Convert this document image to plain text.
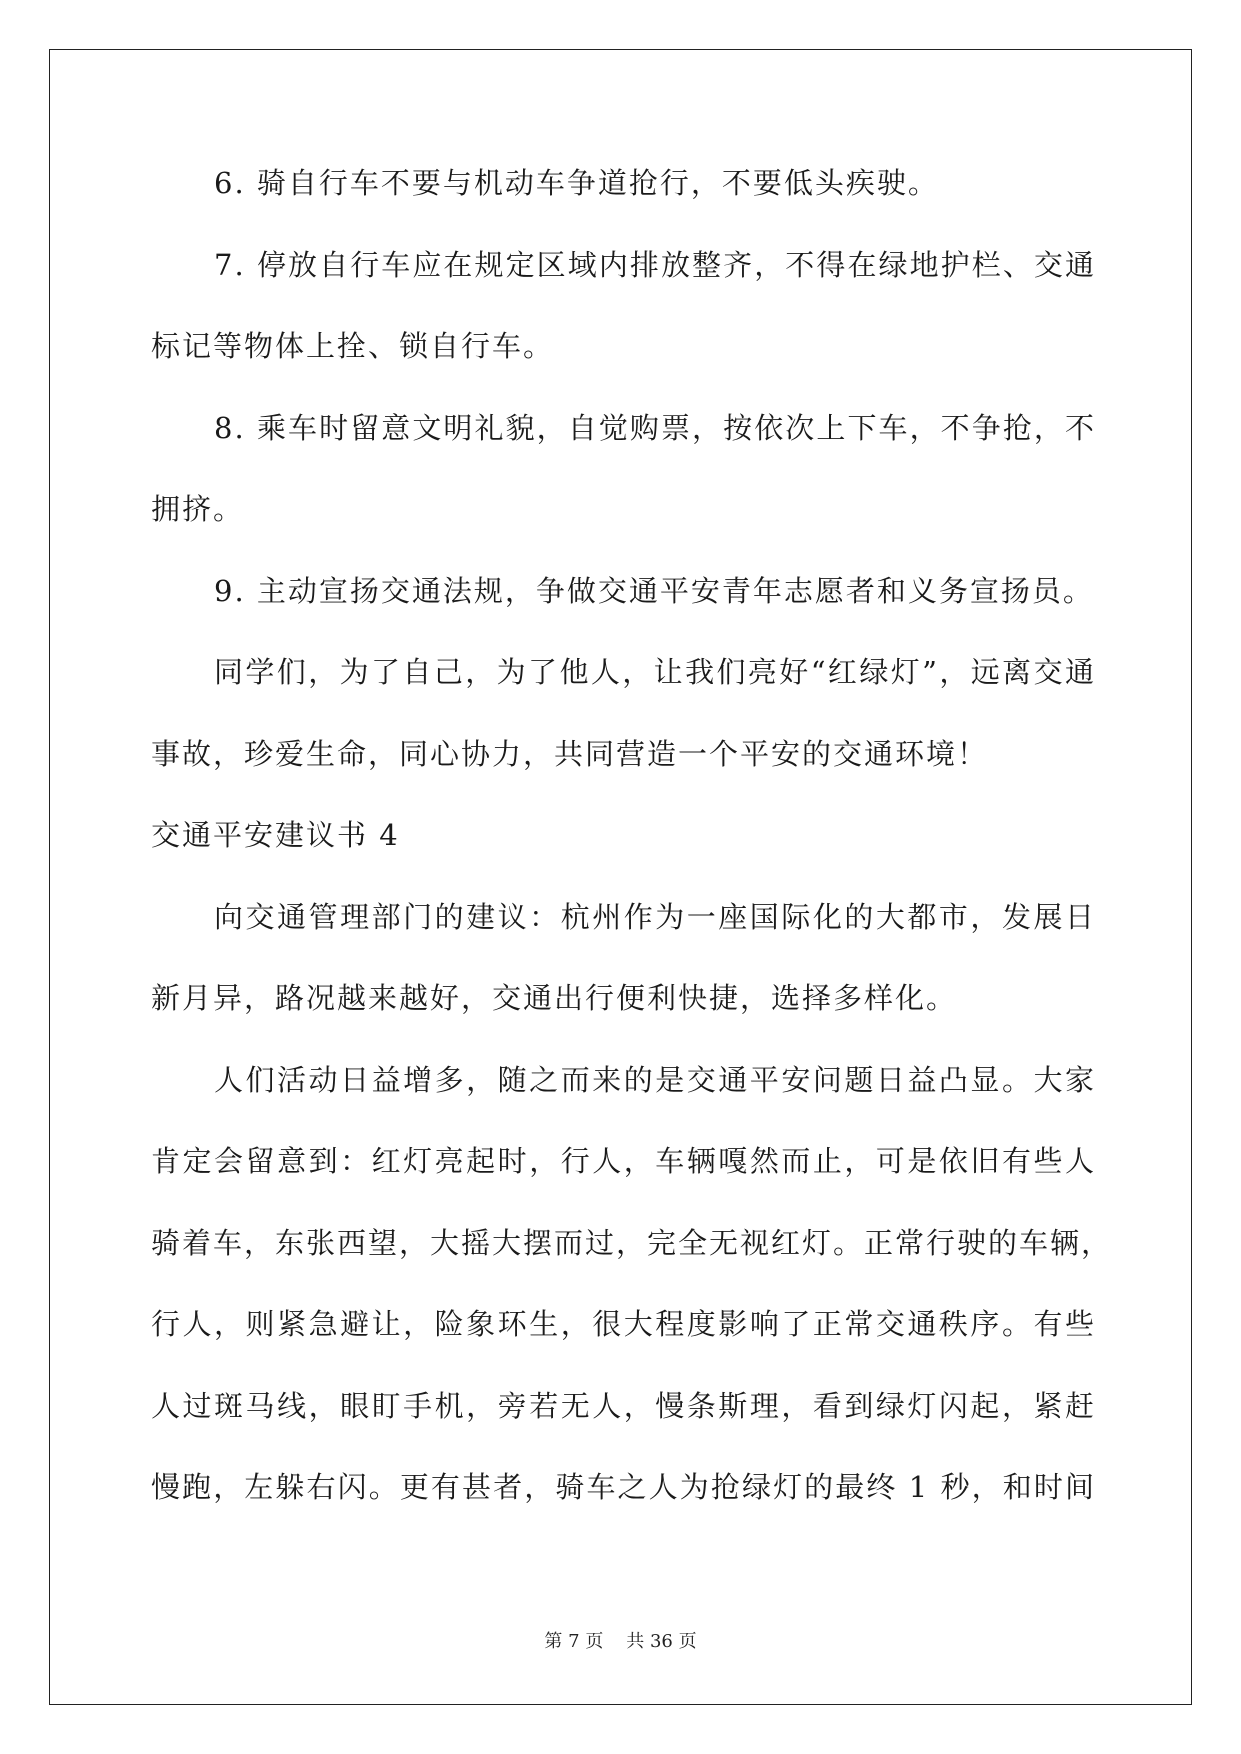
6. 骑自行车不要与机动车争道抢行，不要低头疾驶。
7. 停放自行车应在规定区域内排放整齐，不得在绿地护栏、交通
标记等物体上拴、锁自行车。
8. 乘车时留意文明礼貌，自觉购票，按依次上下车，不争抢，不
拥挤。
9. 主动宣扬交通法规，争做交通平安青年志愿者和义务宣扬员。
同学们，为了自己，为了他人，让我们亮好“红绿灯”，远离交通
事故，珍爱生命，同心协力，共同营造一个平安的交通环境！
交通平安建议书 4
向交通管理部门的建议：杭州作为一座国际化的大都市，发展日
新月异，路况越来越好，交通出行便利快捷，选择多样化。
人们活动日益增多，随之而来的是交通平安问题日益凸显。大家
肯定会留意到：红灯亮起时，行人，车辆嘎然而止，可是依旧有些人
骑着车，东张西望，大摇大摆而过，完全无视红灯。正常行驶的车辆，
行人，则紧急避让，险象环生，很大程度影响了正常交通秩序。有些
人过斑马线，眼盯手机，旁若无人，慢条斯理，看到绿灯闪起，紧赶
慢跑，左躲右闪。更有甚者，骑车之人为抢绿灯的最终 1 秒，和时间
第 7 页 共 36 页
